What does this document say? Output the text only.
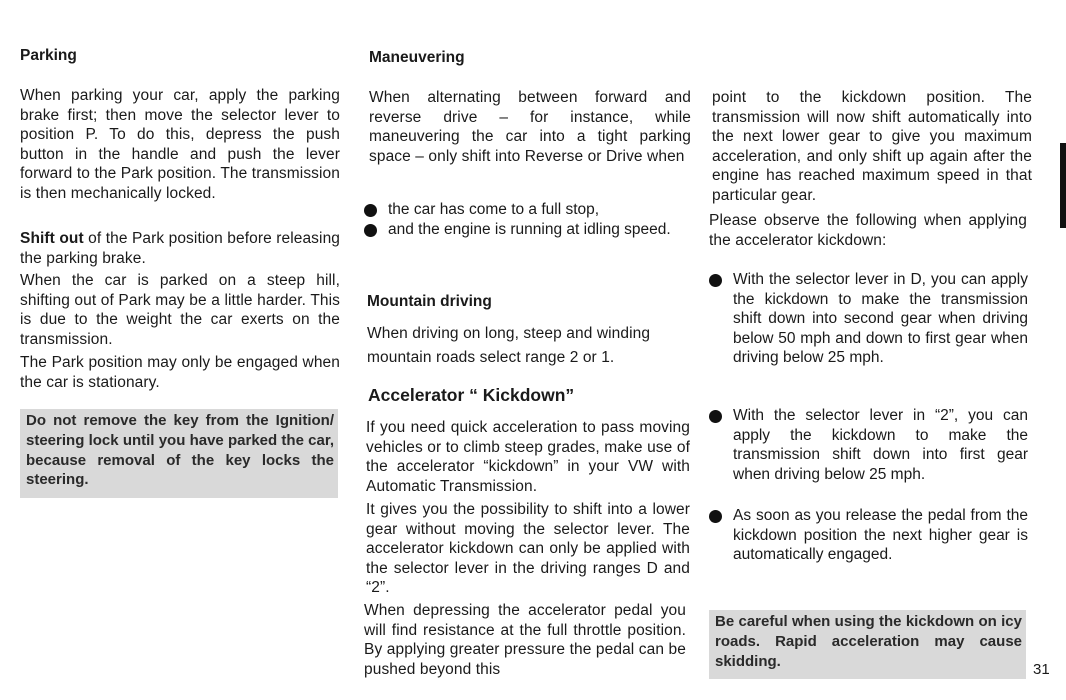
Parking

When parking your car, apply the parking brake first; then move the selector lever to position P. To do this, depress the push button in the handle and push the lever forward to the Park position. The transmission is then mechanically locked.

Shift out of the Park position before releasing the parking brake.

When the car is parked on a steep hill, shifting out of Park may be a little harder. This is due to the weight the car exerts on the transmission.

The Park position may only be engaged when the car is stationary.

Do not remove the key from the Ignition/ steering lock until you have parked the car, because removal of the key locks the steering.
Maneuvering

When alternating between forward and reverse drive – for instance, while maneuvering the car into a tight parking space – only shift into Reverse or Drive when

the car has come to a full stop,
and the engine is running at idling speed.
Mountain driving

When driving on long, steep and winding mountain roads select range 2 or 1.

Accelerator “ Kickdown”

If you need quick acceleration to pass moving vehicles or to climb steep grades, make use of the accelerator “kickdown” in your VW with Automatic Transmission.

It gives you the possibility to shift into a lower gear without moving the selector lever. The accelerator kickdown can only be applied with the selector lever in the driving ranges D and “2”.

When depressing the accelerator pedal you will find resistance at the full throttle position. By applying greater pressure the pedal can be pushed beyond this

point to the kickdown position. The transmission will now shift automatically into the next lower gear to give you maximum acceleration, and only shift up again after the engine has reached maximum speed in that particular gear.

Please observe the following when applying the accelerator kickdown:

With the selector lever in D, you can apply the kickdown to make the transmission shift down into second gear when driving below 50 mph and down to first gear when driving below 25 mph.
With the selector lever in “2”, you can apply the kickdown to make the transmission shift down into first gear when driving below 25 mph.
As soon as you release the pedal from the kickdown position the next higher gear is automatically engaged.
Be careful when using the kickdown on icy roads. Rapid acceleration may cause skidding.	31
